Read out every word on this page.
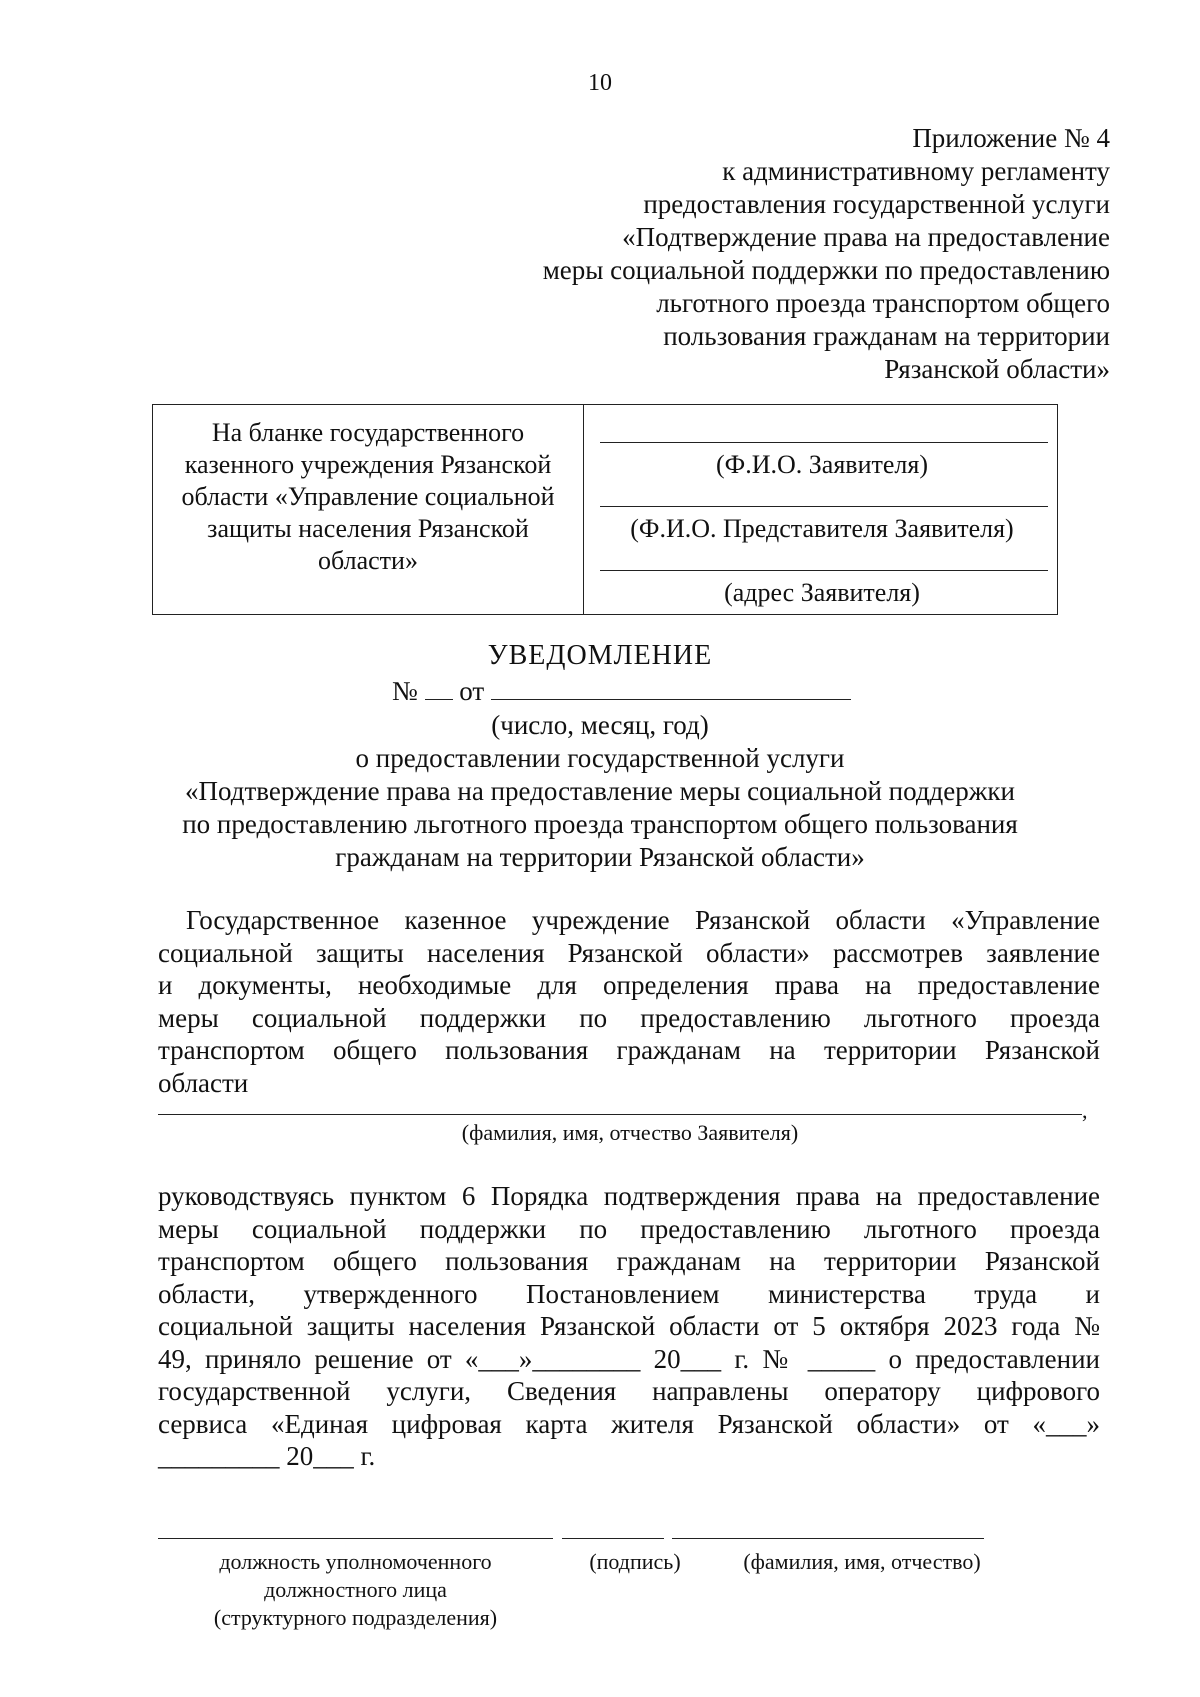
10
Приложение № 4
к административному регламенту
предоставления государственной услуги
«Подтверждение права на предоставление
меры социальной поддержки по предоставлению
льготного проезда транспортом общего
пользования гражданам на территории
Рязанской области»
На бланке государственного
казенного учреждения Рязанской
области «Управление социальной
защиты населения Рязанской
области»
(Ф.И.О. Заявителя)
(Ф.И.О. Представителя Заявителя)
(адрес Заявителя)
УВЕДОМЛЕНИЕ
№ от
(число, месяц, год)
о предоставлении государственной услуги
«Подтверждение права на предоставление меры социальной поддержки
по предоставлению льготного проезда транспортом общего пользования
гражданам на территории Рязанской области»
Государственное казенное учреждение Рязанской области «Управление
социальной защиты населения Рязанской области» рассмотрев заявление
и документы, необходимые для определения права на предоставление
меры социальной поддержки по предоставлению льготного проезда
транспортом общего пользования гражданам на территории Рязанской
области
,
(фамилия, имя, отчество Заявителя)
руководствуясь пунктом 6 Порядка подтверждения права на предоставление
меры социальной поддержки по предоставлению льготного проезда
транспортом общего пользования гражданам на территории Рязанской
области, утвержденного Постановлением министерства труда и
социальной защиты населения Рязанской области от 5 октября 2023 года №
49, приняло решение от «___»________ 20___ г. № _____ о предоставлении
государственной услуги, Сведения направлены оператору цифрового
сервиса «Единая цифровая карта жителя Рязанской области» от «___»
_________ 20___ г.
должность уполномоченного
должностного лица
(структурного подразделения)
(подпись)	(фамилия, имя, отчество)
